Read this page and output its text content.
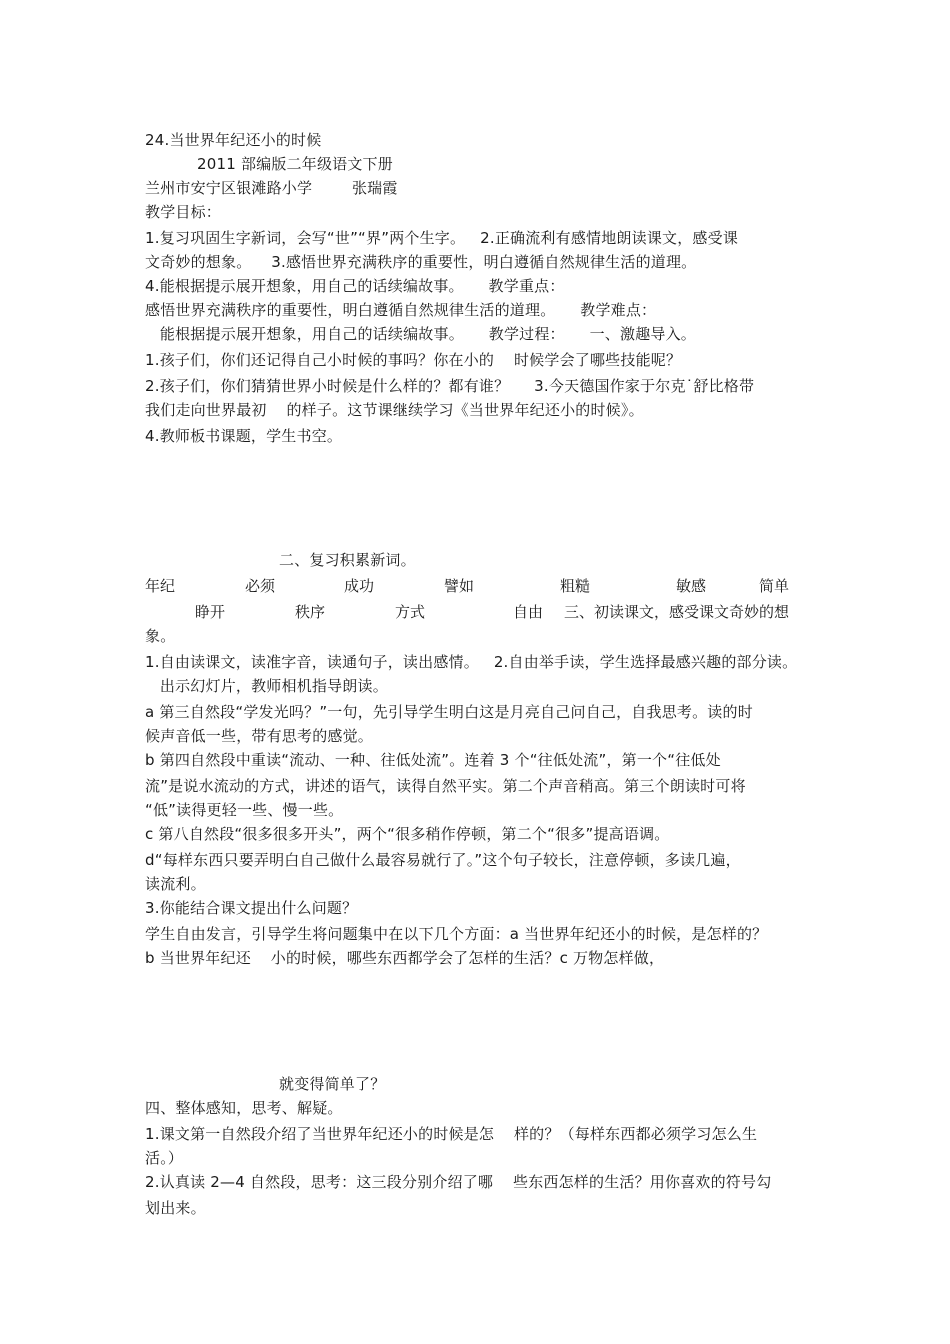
24.当世界年纪还小的时候
2011 部编版二年级语文下册
兰州市安宁区银滩路小学        张瑞霞
教学目标：
1.复习巩固生字新词，会写“世”“界”两个生字。   2.正确流利有感情地朗读课文，感受课
文奇妙的想象。    3.感悟世界充满秩序的重要性，明白遵循自然规律生活的道理。
4.能根据提示展开想象，用自己的话续编故事。     教学重点：
感悟世界充满秩序的重要性，明白遵循自然规律生活的道理。     教学难点：
能根据提示展开想象，用自己的话续编故事。     教学过程：     一、激趣导入。
1.孩子们，你们还记得自己小时候的事吗？你在小的    时候学会了哪些技能呢？
2.孩子们，你们猜猜世界小时候是什么样的？都有谁？     3.今天德国作家于尔克˙舒比格带
我们走向世界最初    的样子。这节课继续学习《当世界年纪还小的时候》。
4.教师板书课题，学生书空。
二、复习积累新词。
年纪	必须	成功	譬如	粗糙	敏感	简单
睁开	秩序	方式	自由 三、初读课文，感受课文奇妙的想
象。
1.自由读课文，读准字音，读通句子，读出感情。   2.自由举手读，学生选择最感兴趣的部分读。
出示幻灯片，教师相机指导朗读。
a 第三自然段“学发光吗？”一句，先引导学生明白这是月亮自己问自己，自我思考。读的时
候声音低一些，带有思考的感觉。
b 第四自然段中重读“流动、一种、往低处流”。连着 3 个“往低处流”，第一个“往低处
流”是说水流动的方式，讲述的语气，读得自然平实。第二个声音稍高。第三个朗读时可将
“低”读得更轻一些、慢一些。
c 第八自然段“很多很多开头”，两个“很多稍作停顿，第二个“很多”提高语调。
d“每样东西只要弄明白自己做什么最容易就行了。”这个句子较长，注意停顿，多读几遍，
读流利。
3.你能结合课文提出什么问题？
学生自由发言，引导学生将问题集中在以下几个方面：a 当世界年纪还小的时候，是怎样的？
b 当世界年纪还    小的时候，哪些东西都学会了怎样的生活？c 万物怎样做，
就变得简单了？
四、整体感知，思考、解疑。
1.课文第一自然段介绍了当世界年纪还小的时候是怎    样的？（每样东西都必须学习怎么生
活。）
2.认真读 2—4 自然段，思考：这三段分别介绍了哪    些东西怎样的生活？用你喜欢的符号勾
划出来。
